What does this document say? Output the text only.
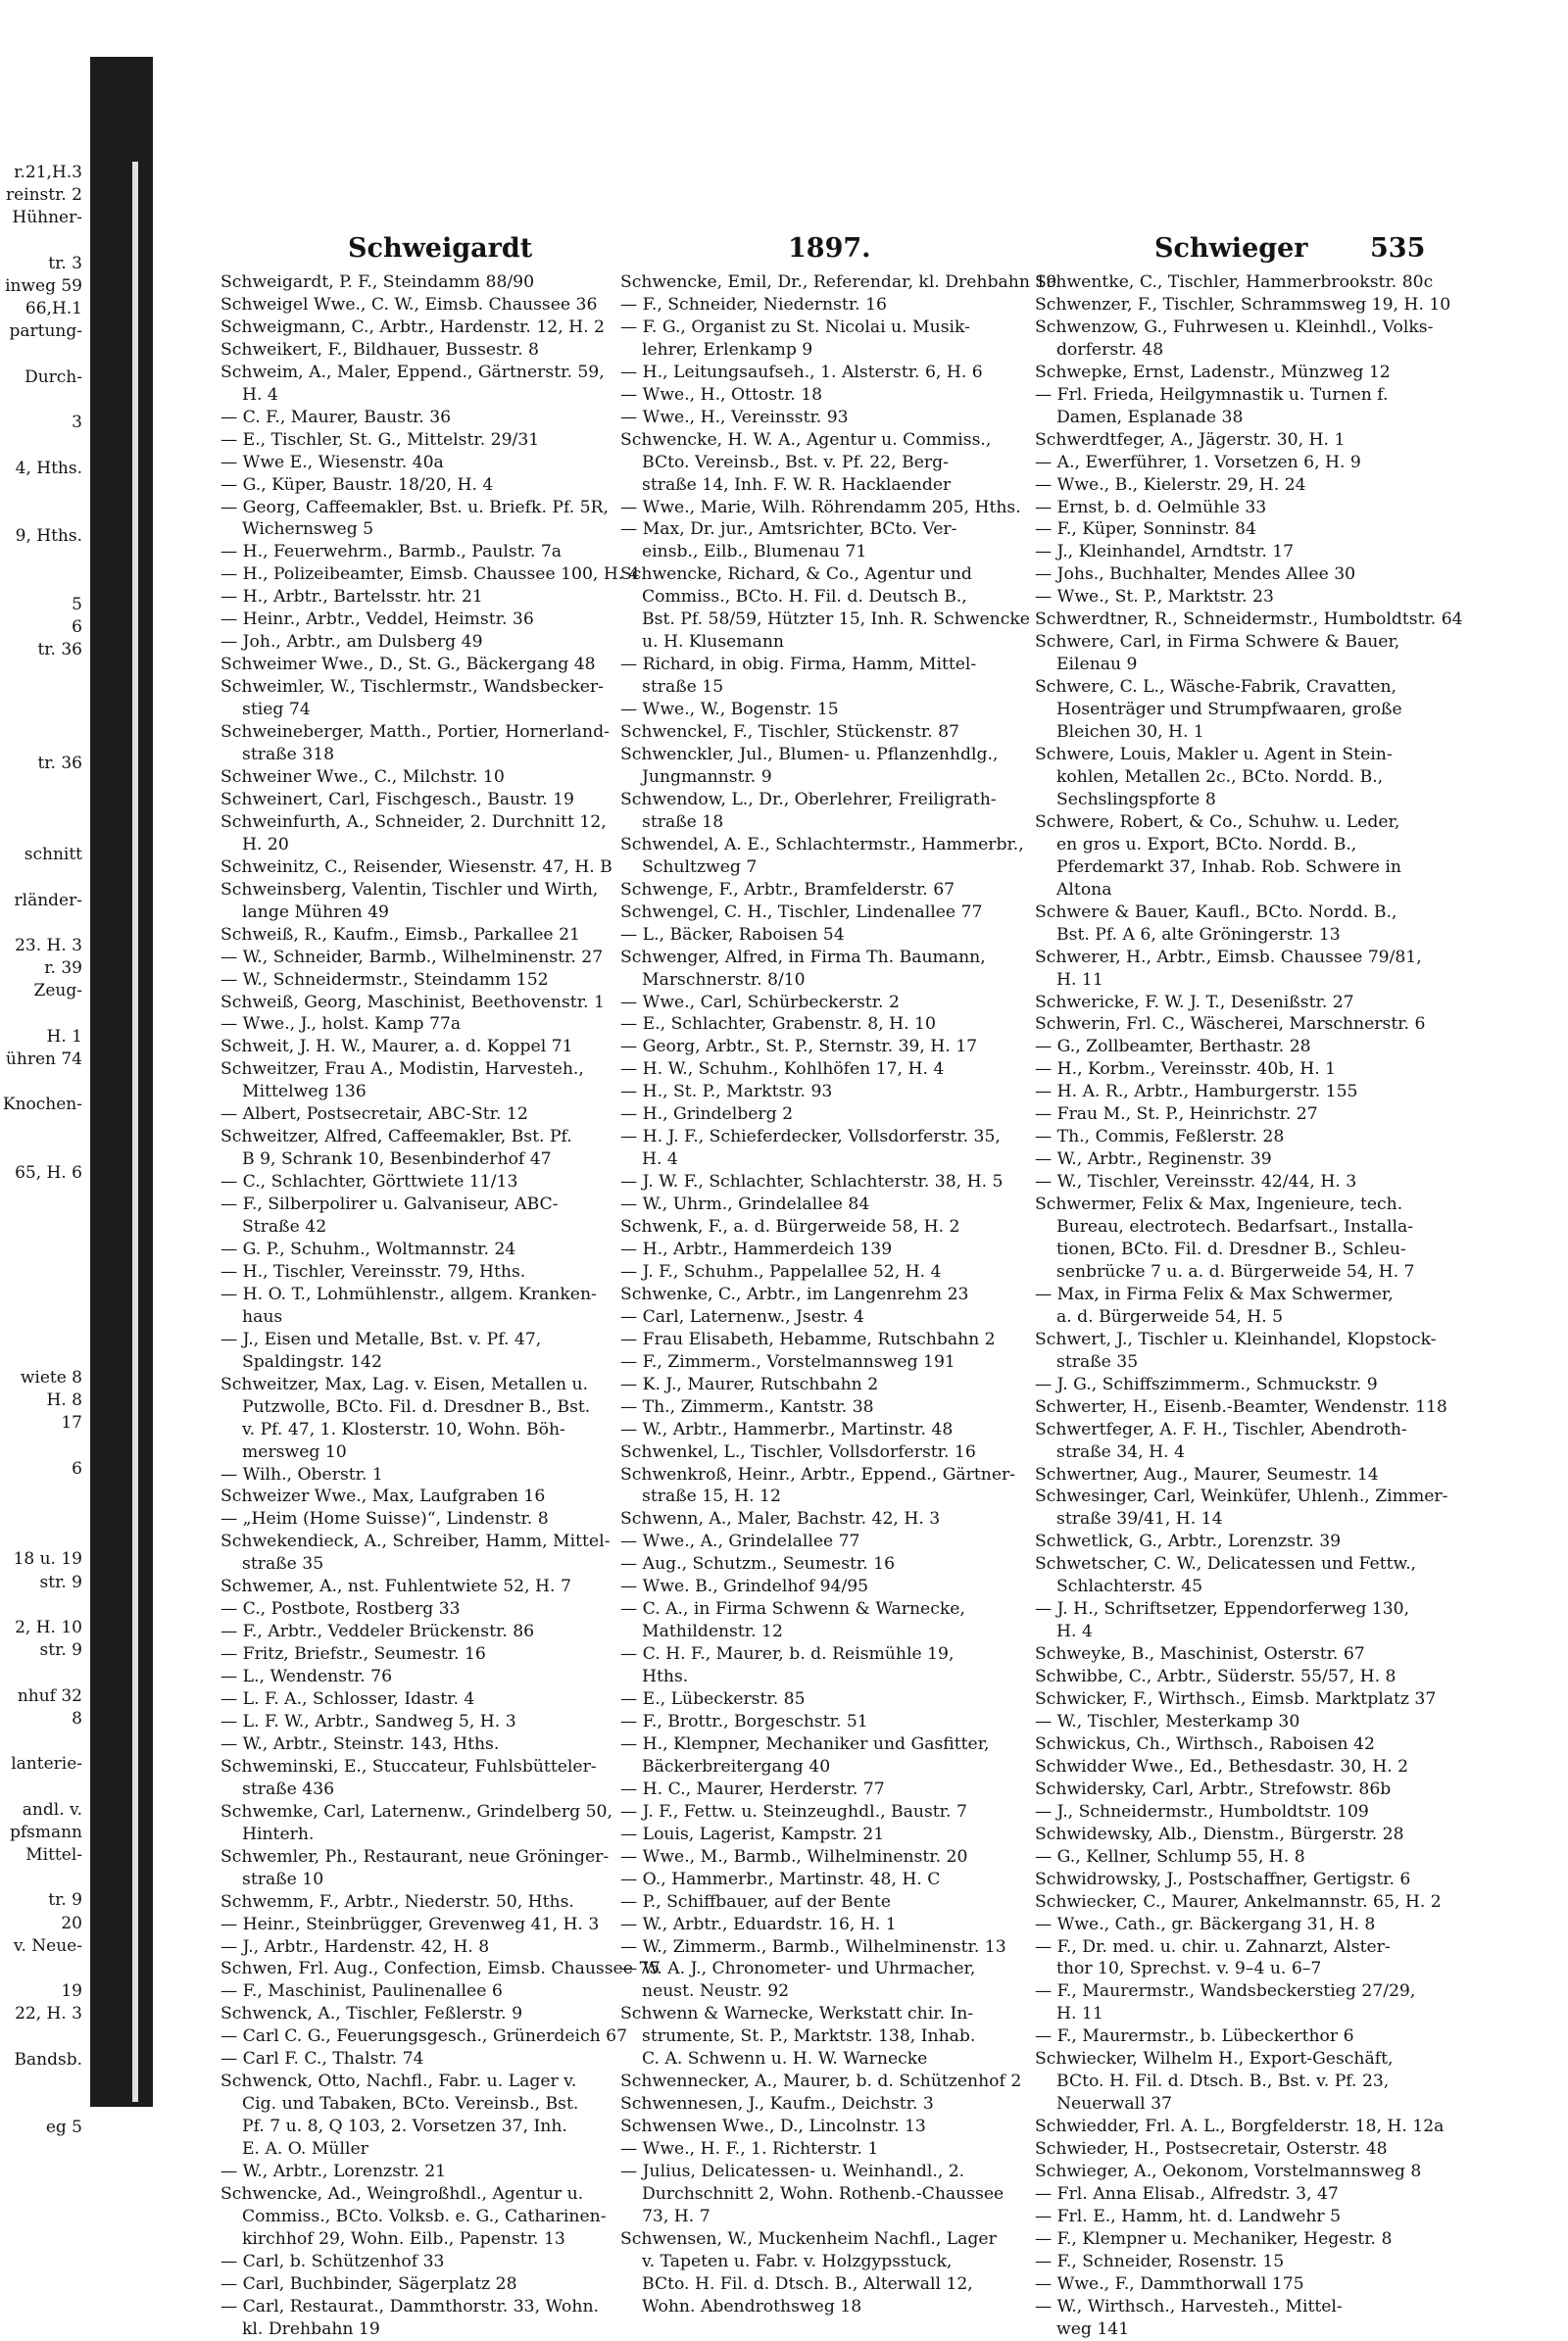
r.21,H.3
reinstr. 2
Hühner-

tr. 3
inweg 59
66,H.1
partung-

Durch-

3

4, Hths.

9, Hths.

5
6
tr. 36

tr. 36

schnitt

rländer-

23. H. 3
r. 39
Zeug-

H. 1
ühren 74

Knochen-

65, H. 6

wiete 8
H. 8
17

6

18 u. 19
str. 9

2, H. 10
str. 9

nhuf 32
8

lanterie-

andl. v.
pfsmann
Mittel-

tr. 9
20
v. Neue-

19
22, H. 3

Bandsb.

eg 5
Schweigardt	1897.	Schwieger 535
Schweigardt, P. F., Steindamm 88/90
Schweigel Wwe., C. W., Eimsb. Chaussee 36
Schweigmann, C., Arbtr., Hardenstr. 12, H. 2
Schweikert, F., Bildhauer, Bussestr. 8
Schweim, A., Maler, Eppend., Gärtnerstr. 59,
H. 4
— C. F., Maurer, Baustr. 36
— E., Tischler, St. G., Mittelstr. 29/31
— Wwe E., Wiesenstr. 40a
— G., Küper, Baustr. 18/20, H. 4
— Georg, Caffeemakler, Bst. u. Briefk. Pf. 5R,
Wichernsweg 5
— H., Feuerwehrm., Barmb., Paulstr. 7a
— H., Polizeibeamter, Eimsb. Chaussee 100, H. 4
— H., Arbtr., Bartelsstr. htr. 21
— Heinr., Arbtr., Veddel, Heimstr. 36
— Joh., Arbtr., am Dulsberg 49
Schweimer Wwe., D., St. G., Bäckergang 48
Schweimler, W., Tischlermstr., Wandsbecker-
stieg 74
Schweineberger, Matth., Portier, Hornerland-
straße 318
Schweiner Wwe., C., Milchstr. 10
Schweinert, Carl, Fischgesch., Baustr. 19
Schweinfurth, A., Schneider, 2. Durchnitt 12,
H. 20
Schweinitz, C., Reisender, Wiesenstr. 47, H. B
Schweinsberg, Valentin, Tischler und Wirth,
lange Mühren 49
Schweiß, R., Kaufm., Eimsb., Parkallee 21
— W., Schneider, Barmb., Wilhelminenstr. 27
— W., Schneidermstr., Steindamm 152
Schweiß, Georg, Maschinist, Beethovenstr. 1
— Wwe., J., holst. Kamp 77a
Schweit, J. H. W., Maurer, a. d. Koppel 71
Schweitzer, Frau A., Modistin, Harvesteh.,
Mittelweg 136
— Albert, Postsecretair, ABC-Str. 12
Schweitzer, Alfred, Caffeemakler, Bst. Pf.
B 9, Schrank 10, Besenbinderhof 47
— C., Schlachter, Görttwiete 11/13
— F., Silberpolirer u. Galvaniseur, ABC-
Straße 42
— G. P., Schuhm., Woltmannstr. 24
— H., Tischler, Vereinsstr. 79, Hths.
— H. O. T., Lohmühlenstr., allgem. Kranken-
haus
— J., Eisen und Metalle, Bst. v. Pf. 47,
Spaldingstr. 142
Schweitzer, Max, Lag. v. Eisen, Metallen u.
Putzwolle, BCto. Fil. d. Dresdner B., Bst.
v. Pf. 47, 1. Klosterstr. 10, Wohn. Böh-
mersweg 10
— Wilh., Oberstr. 1
Schweizer Wwe., Max, Laufgraben 16
— „Heim (Home Suisse)“, Lindenstr. 8
Schwekendieck, A., Schreiber, Hamm, Mittel-
straße 35
Schwemer, A., nst. Fuhlentwiete 52, H. 7
— C., Postbote, Rostberg 33
— F., Arbtr., Veddeler Brückenstr. 86
— Fritz, Briefstr., Seumestr. 16
— L., Wendenstr. 76
— L. F. A., Schlosser, Idastr. 4
— L. F. W., Arbtr., Sandweg 5, H. 3
— W., Arbtr., Steinstr. 143, Hths.
Schweminski, E., Stuccateur, Fuhlsbütteler-
straße 436
Schwemke, Carl, Laternenw., Grindelberg 50,
Hinterh.
Schwemler, Ph., Restaurant, neue Gröninger-
straße 10
Schwemm, F., Arbtr., Niederstr. 50, Hths.
— Heinr., Steinbrügger, Grevenweg 41, H. 3
— J., Arbtr., Hardenstr. 42, H. 8
Schwen, Frl. Aug., Confection, Eimsb. Chaussee 75
— F., Maschinist, Paulinenallee 6
Schwenck, A., Tischler, Feßlerstr. 9
— Carl C. G., Feuerungsgesch., Grünerdeich 67
— Carl F. C., Thalstr. 74
Schwenck, Otto, Nachfl., Fabr. u. Lager v.
Cig. und Tabaken, BCto. Vereinsb., Bst.
Pf. 7 u. 8, Q 103, 2. Vorsetzen 37, Inh.
E. A. O. Müller
— W., Arbtr., Lorenzstr. 21
Schwencke, Ad., Weingroßhdl., Agentur u.
Commiss., BCto. Volksb. e. G., Catharinen-
kirchhof 29, Wohn. Eilb., Papenstr. 13
— Carl, b. Schützenhof 33
— Carl, Buchbinder, Sägerplatz 28
— Carl, Restaurat., Dammthorstr. 33, Wohn.
kl. Drehbahn 19
Schwencke, Emil, Dr., Referendar, kl. Drehbahn 19
— F., Schneider, Niedernstr. 16
— F. G., Organist zu St. Nicolai u. Musik-
lehrer, Erlenkamp 9
— H., Leitungsaufseh., 1. Alsterstr. 6, H. 6
— Wwe., H., Ottostr. 18
— Wwe., H., Vereinsstr. 93
Schwencke, H. W. A., Agentur u. Commiss.,
BCto. Vereinsb., Bst. v. Pf. 22, Berg-
straße 14, Inh. F. W. R. Hacklaender
— Wwe., Marie, Wilh. Röhrendamm 205, Hths.
— Max, Dr. jur., Amtsrichter, BCto. Ver-
einsb., Eilb., Blumenau 71
Schwencke, Richard, & Co., Agentur und
Commiss., BCto. H. Fil. d. Deutsch B.,
Bst. Pf. 58/59, Hützter 15, Inh. R. Schwencke
u. H. Klusemann
— Richard, in obig. Firma, Hamm, Mittel-
straße 15
— Wwe., W., Bogenstr. 15
Schwenckel, F., Tischler, Stückenstr. 87
Schwenckler, Jul., Blumen- u. Pflanzenhdlg.,
Jungmannstr. 9
Schwendow, L., Dr., Oberlehrer, Freiligrath-
straße 18
Schwendel, A. E., Schlachtermstr., Hammerbr.,
Schultzweg 7
Schwenge, F., Arbtr., Bramfelderstr. 67
Schwengel, C. H., Tischler, Lindenallee 77
— L., Bäcker, Raboisen 54
Schwenger, Alfred, in Firma Th. Baumann,
Marschnerstr. 8/10
— Wwe., Carl, Schürbeckerstr. 2
— E., Schlachter, Grabenstr. 8, H. 10
— Georg, Arbtr., St. P., Sternstr. 39, H. 17
— H. W., Schuhm., Kohlhöfen 17, H. 4
— H., St. P., Marktstr. 93
— H., Grindelberg 2
— H. J. F., Schieferdecker, Vollsdorferstr. 35,
H. 4
— J. W. F., Schlachter, Schlachterstr. 38, H. 5
— W., Uhrm., Grindelallee 84
Schwenk, F., a. d. Bürgerweide 58, H. 2
— H., Arbtr., Hammerdeich 139
— J. F., Schuhm., Pappelallee 52, H. 4
Schwenke, C., Arbtr., im Langenrehm 23
— Carl, Laternenw., Jsestr. 4
— Frau Elisabeth, Hebamme, Rutschbahn 2
— F., Zimmerm., Vorstelmannsweg 191
— K. J., Maurer, Rutschbahn 2
— Th., Zimmerm., Kantstr. 38
— W., Arbtr., Hammerbr., Martinstr. 48
Schwenkel, L., Tischler, Vollsdorferstr. 16
Schwenkroß, Heinr., Arbtr., Eppend., Gärtner-
straße 15, H. 12
Schwenn, A., Maler, Bachstr. 42, H. 3
— Wwe., A., Grindelallee 77
— Aug., Schutzm., Seumestr. 16
— Wwe. B., Grindelhof 94/95
— C. A., in Firma Schwenn & Warnecke,
Mathildenstr. 12
— C. H. F., Maurer, b. d. Reismühle 19,
Hths.
— E., Lübeckerstr. 85
— F., Brottr., Borgeschstr. 51
— H., Klempner, Mechaniker und Gasfitter,
Bäckerbreitergang 40
— H. C., Maurer, Herderstr. 77
— J. F., Fettw. u. Steinzeughdl., Baustr. 7
— Louis, Lagerist, Kampstr. 21
— Wwe., M., Barmb., Wilhelminenstr. 20
— O., Hammerbr., Martinstr. 48, H. C
— P., Schiffbauer, auf der Bente
— W., Arbtr., Eduardstr. 16, H. 1
— W., Zimmerm., Barmb., Wilhelminenstr. 13
— W. A. J., Chronometer- und Uhrmacher,
neust. Neustr. 92
Schwenn & Warnecke, Werkstatt chir. In-
strumente, St. P., Marktstr. 138, Inhab.
C. A. Schwenn u. H. W. Warnecke
Schwennecker, A., Maurer, b. d. Schützenhof 2
Schwennesen, J., Kaufm., Deichstr. 3
Schwensen Wwe., D., Lincolnstr. 13
— Wwe., H. F., 1. Richterstr. 1
— Julius, Delicatessen- u. Weinhandl., 2.
Durchschnitt 2, Wohn. Rothenb.-Chaussee
73, H. 7
Schwensen, W., Muckenheim Nachfl., Lager
v. Tapeten u. Fabr. v. Holzgypsstuck,
BCto. H. Fil. d. Dtsch. B., Alterwall 12,
Wohn. Abendrothsweg 18
Schwentke, C., Tischler, Hammerbrookstr. 80c
Schwenzer, F., Tischler, Schrammsweg 19, H. 10
Schwenzow, G., Fuhrwesen u. Kleinhdl., Volks-
dorferstr. 48
Schwepke, Ernst, Ladenstr., Münzweg 12
— Frl. Frieda, Heilgymnastik u. Turnen f.
Damen, Esplanade 38
Schwerdtfeger, A., Jägerstr. 30, H. 1
— A., Ewerführer, 1. Vorsetzen 6, H. 9
— Wwe., B., Kielerstr. 29, H. 24
— Ernst, b. d. Oelmühle 33
— F., Küper, Sonninstr. 84
— J., Kleinhandel, Arndtstr. 17
— Johs., Buchhalter, Mendes Allee 30
— Wwe., St. P., Marktstr. 23
Schwerdtner, R., Schneidermstr., Humboldtstr. 64
Schwere, Carl, in Firma Schwere & Bauer,
Eilenau 9
Schwere, C. L., Wäsche-Fabrik, Cravatten,
Hosenträger und Strumpfwaaren, große
Bleichen 30, H. 1
Schwere, Louis, Makler u. Agent in Stein-
kohlen, Metallen 2c., BCto. Nordd. B.,
Sechslingspforte 8
Schwere, Robert, & Co., Schuhw. u. Leder,
en gros u. Export, BCto. Nordd. B.,
Pferdemarkt 37, Inhab. Rob. Schwere in
Altona
Schwere & Bauer, Kaufl., BCto. Nordd. B.,
Bst. Pf. A 6, alte Gröningerstr. 13
Schwerer, H., Arbtr., Eimsb. Chaussee 79/81,
H. 11
Schwericke, F. W. J. T., Desenißstr. 27
Schwerin, Frl. C., Wäscherei, Marschnerstr. 6
— G., Zollbeamter, Berthastr. 28
— H., Korbm., Vereinsstr. 40b, H. 1
— H. A. R., Arbtr., Hamburgerstr. 155
— Frau M., St. P., Heinrichstr. 27
— Th., Commis, Feßlerstr. 28
— W., Arbtr., Reginenstr. 39
— W., Tischler, Vereinsstr. 42/44, H. 3
Schwermer, Felix & Max, Ingenieure, tech.
Bureau, electrotech. Bedarfsart., Installa-
tionen, BCto. Fil. d. Dresdner B., Schleu-
senbrücke 7 u. a. d. Bürgerweide 54, H. 7
— Max, in Firma Felix & Max Schwermer,
a. d. Bürgerweide 54, H. 5
Schwert, J., Tischler u. Kleinhandel, Klopstock-
straße 35
— J. G., Schiffszimmerm., Schmuckstr. 9
Schwerter, H., Eisenb.-Beamter, Wendenstr. 118
Schwertfeger, A. F. H., Tischler, Abendroth-
straße 34, H. 4
Schwertner, Aug., Maurer, Seumestr. 14
Schwesinger, Carl, Weinküfer, Uhlenh., Zimmer-
straße 39/41, H. 14
Schwetlick, G., Arbtr., Lorenzstr. 39
Schwetscher, C. W., Delicatessen und Fettw.,
Schlachterstr. 45
— J. H., Schriftsetzer, Eppendorferweg 130,
H. 4
Schweyke, B., Maschinist, Osterstr. 67
Schwibbe, C., Arbtr., Süderstr. 55/57, H. 8
Schwicker, F., Wirthsch., Eimsb. Marktplatz 37
— W., Tischler, Mesterkamp 30
Schwickus, Ch., Wirthsch., Raboisen 42
Schwidder Wwe., Ed., Bethesdastr. 30, H. 2
Schwidersky, Carl, Arbtr., Strefowstr. 86b
— J., Schneidermstr., Humboldtstr. 109
Schwidewsky, Alb., Dienstm., Bürgerstr. 28
— G., Kellner, Schlump 55, H. 8
Schwidrowsky, J., Postschaffner, Gertigstr. 6
Schwiecker, C., Maurer, Ankelmannstr. 65, H. 2
— Wwe., Cath., gr. Bäckergang 31, H. 8
— F., Dr. med. u. chir. u. Zahnarzt, Alster-
thor 10, Sprechst. v. 9–4 u. 6–7
— F., Maurermstr., Wandsbeckerstieg 27/29,
H. 11
— F., Maurermstr., b. Lübeckerthor 6
Schwiecker, Wilhelm H., Export-Geschäft,
BCto. H. Fil. d. Dtsch. B., Bst. v. Pf. 23,
Neuerwall 37
Schwiedder, Frl. A. L., Borgfelderstr. 18, H. 12a
Schwieder, H., Postsecretair, Osterstr. 48
Schwieger, A., Oekonom, Vorstelmannsweg 8
— Frl. Anna Elisab., Alfredstr. 3, 47
— Frl. E., Hamm, ht. d. Landwehr 5
— F., Klempner u. Mechaniker, Hegestr. 8
— F., Schneider, Rosenstr. 15
— Wwe., F., Dammthorwall 175
— W., Wirthsch., Harvesteh., Mittel-
weg 141
